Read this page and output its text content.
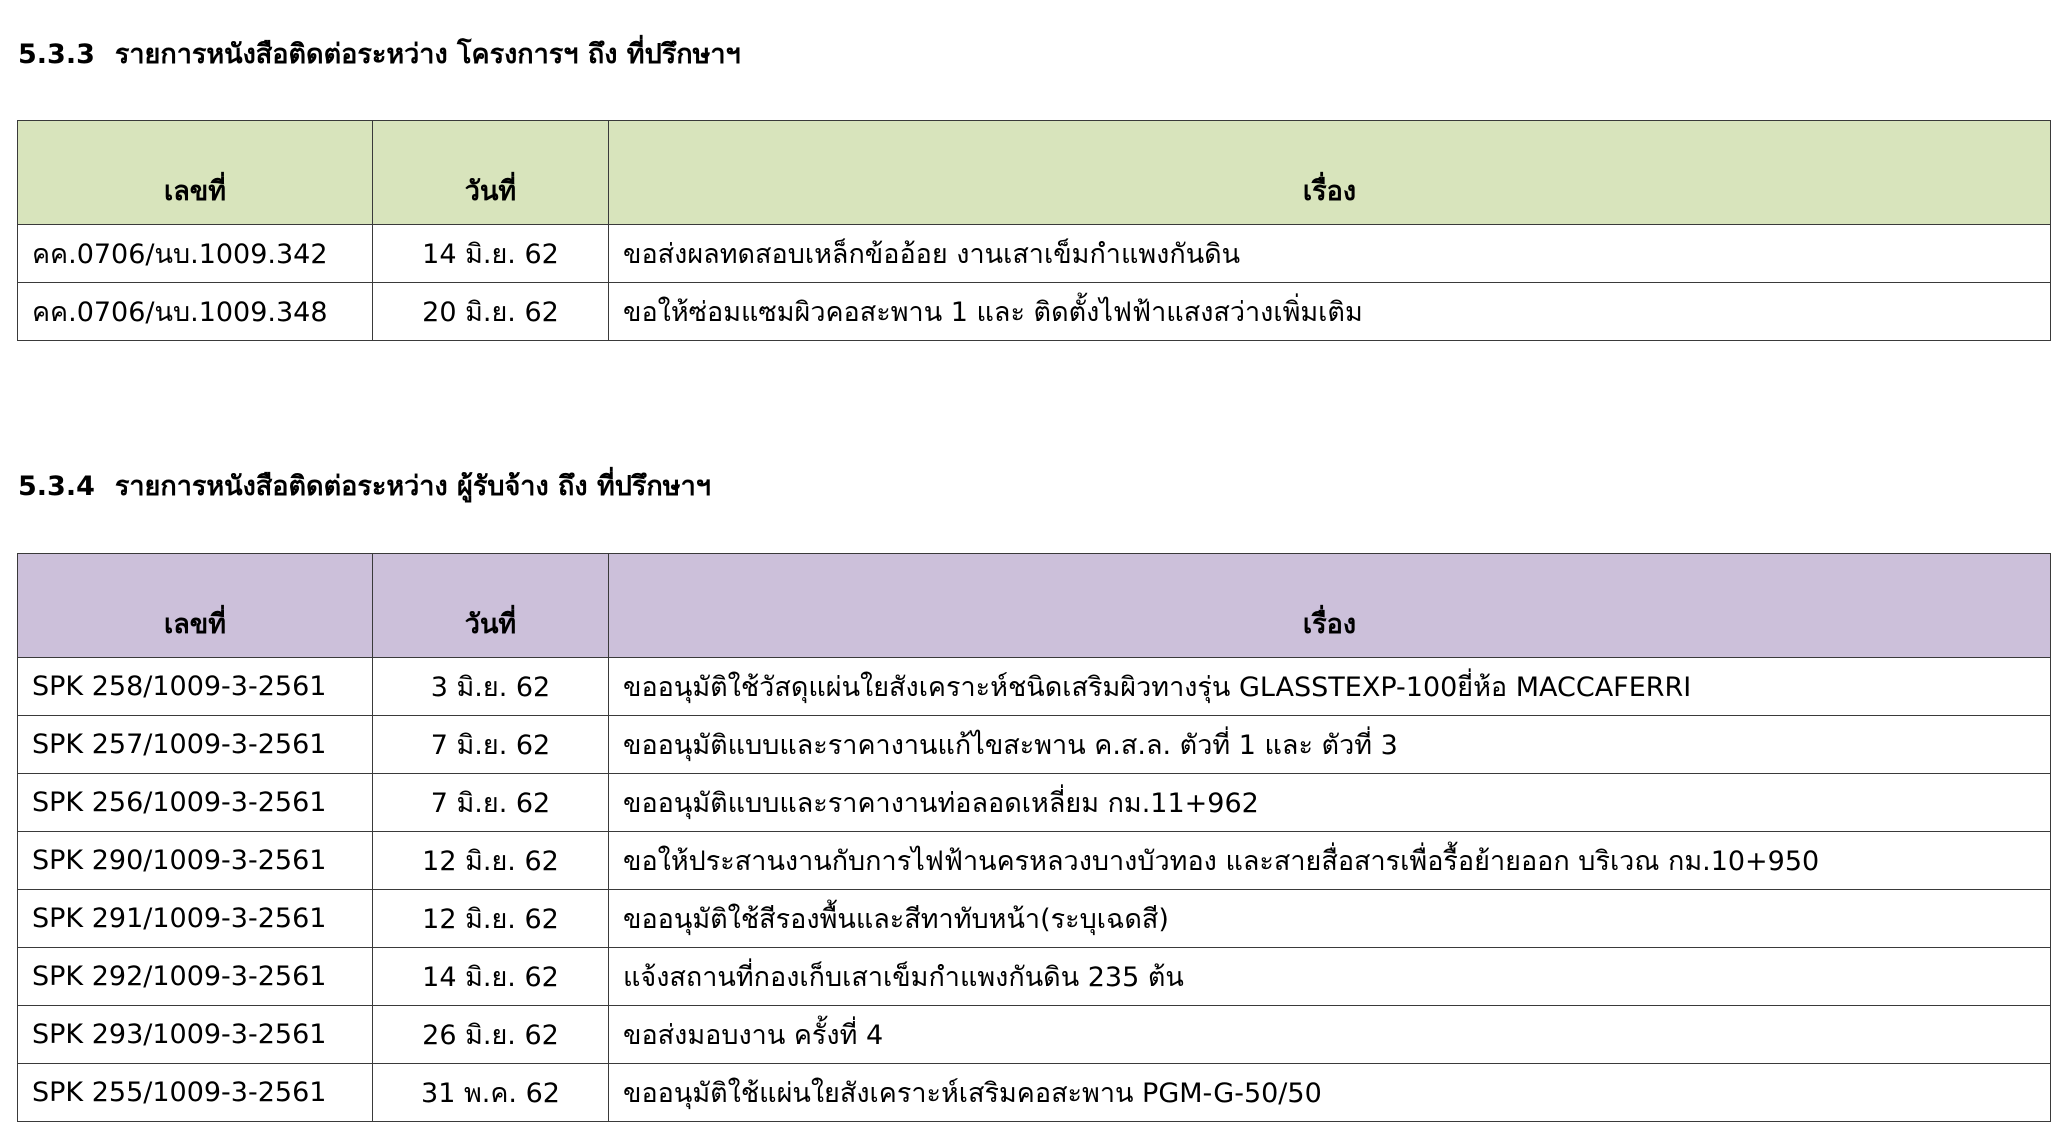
5.3.3 รายการหนังสือติดต่อระหว่าง โครงการฯ ถึง ที่ปรึกษาฯ
เลขที่	วันที่	เรื่อง
คค.0706/นบ.1009.342	14 มิ.ย. 62	ขอส่งผลทดสอบเหล็กข้ออ้อย งานเสาเข็มกำแพงกันดิน
คค.0706/นบ.1009.348	20 มิ.ย. 62	ขอให้ซ่อมแซมผิวคอสะพาน 1 และ ติดตั้งไฟฟ้าแสงสว่างเพิ่มเติม
5.3.4 รายการหนังสือติดต่อระหว่าง ผู้รับจ้าง ถึง ที่ปรึกษาฯ
เลขที่	วันที่	เรื่อง
SPK 258/1009-3-2561	3 มิ.ย. 62	ขออนุมัติใช้วัสดุแผ่นใยสังเคราะห์ชนิดเสริมผิวทางรุ่น GLASSTEXP-100ยี่ห้อ MACCAFERRI
SPK 257/1009-3-2561	7 มิ.ย. 62	ขออนุมัติแบบและราคางานแก้ไขสะพาน ค.ส.ล. ตัวที่ 1 และ ตัวที่ 3
SPK 256/1009-3-2561	7 มิ.ย. 62	ขออนุมัติแบบและราคางานท่อลอดเหลี่ยม กม.11+962
SPK 290/1009-3-2561	12 มิ.ย. 62	ขอให้ประสานงานกับการไฟฟ้านครหลวงบางบัวทอง และสายสื่อสารเพื่อรื้อย้ายออก บริเวณ กม.10+950
SPK 291/1009-3-2561	12 มิ.ย. 62	ขออนุมัติใช้สีรองพื้นและสีทาทับหน้า(ระบุเฉดสี)
SPK 292/1009-3-2561	14 มิ.ย. 62	แจ้งสถานที่กองเก็บเสาเข็มกำแพงกันดิน 235 ต้น
SPK 293/1009-3-2561	26 มิ.ย. 62	ขอส่งมอบงาน ครั้งที่ 4
SPK 255/1009-3-2561	31 พ.ค. 62	ขออนุมัติใช้แผ่นใยสังเคราะห์เสริมคอสะพาน PGM-G-50/50
